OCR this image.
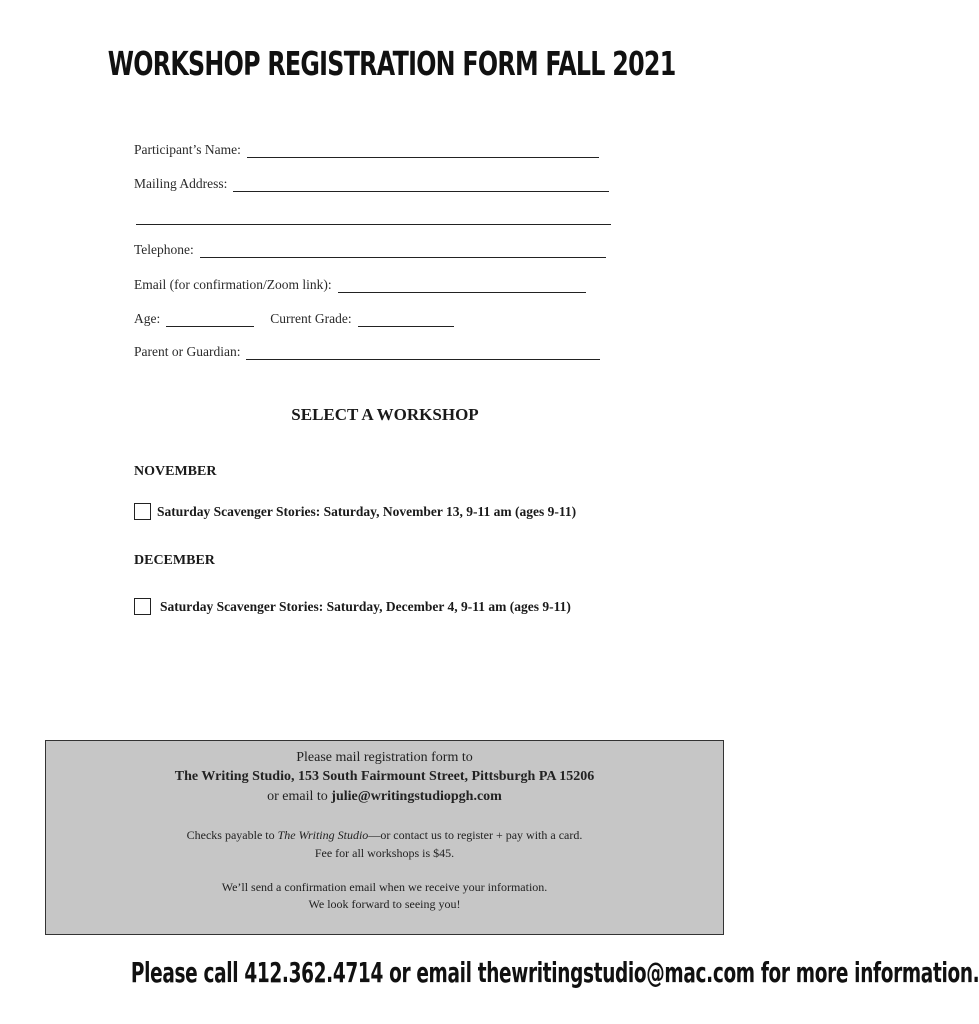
WORKSHOP REGISTRATION FORM FALL 2021
Participant’s Name:
Mailing Address:
Telephone:
Email (for confirmation/Zoom link):
Age:	Current Grade:
Parent or Guardian:
SELECT A WORKSHOP
NOVEMBER
Saturday Scavenger Stories: Saturday, November 13, 9-11 am (ages 9-11)
DECEMBER
Saturday Scavenger Stories: Saturday, December 4, 9-11 am (ages 9-11)
Please mail registration form to
The Writing Studio, 153 South Fairmount Street, Pittsburgh PA 15206
or email to julie@writingstudiopgh.com
Checks payable to The Writing Studio—or contact us to register + pay with a card.
Fee for all workshops is $45.
We’ll send a confirmation email when we receive your information.
We look forward to seeing you!
Please call 412.362.4714 or email thewritingstudio@mac.com for more information.
